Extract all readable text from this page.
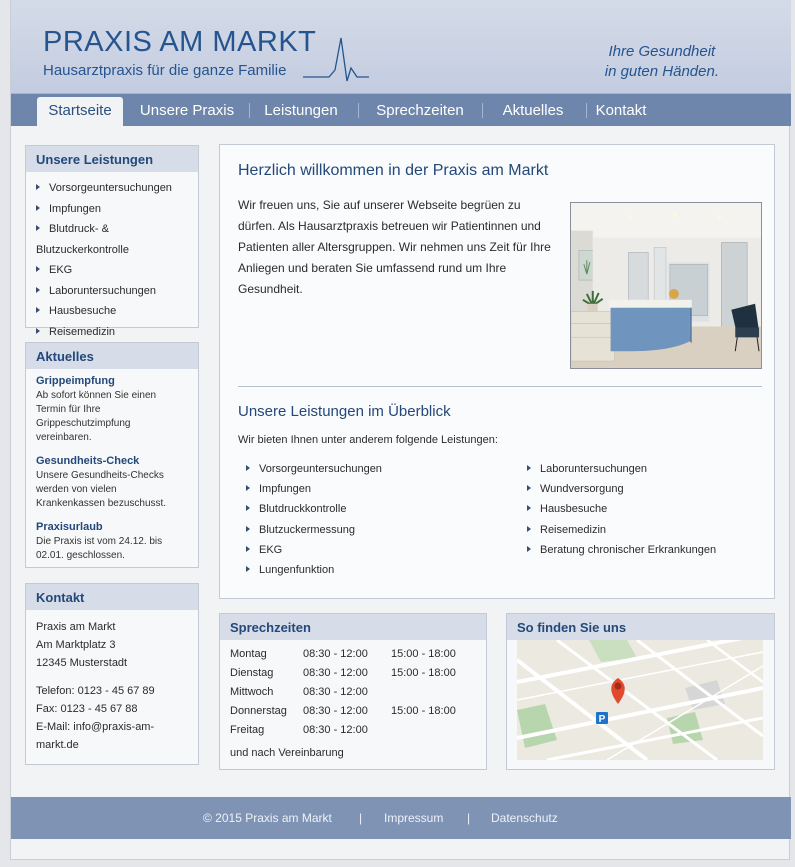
PRAXIS AM MARKT
Hausarztpraxis für die ganze Familie
Ihre Gesundheit
in guten Händen.
Startseite	Unsere Praxis	Leistungen	Sprechzeiten	Aktuelles	Kontakt
Unsere Leistungen
Vorsorgeuntersuchungen
Impfungen
Blutdruck- & Blutzuckerkontrolle
EKG
Laboruntersuchungen
Hausbesuche
Reisemedizin
Aktuelles
Grippeimpfung
Ab sofort können Sie einen Termin für Ihre Grippeschutzimpfung vereinbaren.
Gesundheits-Check
Unsere Gesundheits-Checks werden von vielen Krankenkassen bezuschusst.
Praxisurlaub
Die Praxis ist vom 24.12. bis 02.01. geschlossen.
Kontakt
Praxis am Markt
Am Marktplatz 3
12345 Musterstadt
Telefon: 0123 - 45 67 89
Fax: 0123 - 45 67 88
E-Mail: info@praxis-am-markt.de
Herzlich willkommen in der Praxis am Markt
Wir freuen uns, Sie auf unserer Webseite begrüen zu dürfen. Als Hausarztpraxis betreuen wir Patientinnen und Patienten aller Altersgruppen. Wir nehmen uns Zeit für Ihre Anliegen und beraten Sie umfassend rund um Ihre Gesundheit.
Unsere Leistungen im Überblick
Wir bieten Ihnen unter anderem folgende Leistungen:
Vorsorgeuntersuchungen
Impfungen
Blutdruckkontrolle
Blutzuckermessung
EKG
Lungenfunktion
Laboruntersuchungen
Wundversorgung
Hausbesuche
Reisemedizin
Beratung chronischer Erkrankungen
Sprechzeiten
Montag	08:30 - 12:00	15:00 - 18:00
Dienstag	08:30 - 12:00	15:00 - 18:00
Mittwoch	08:30 - 12:00	
Donnerstag	08:30 - 12:00	15:00 - 18:00
Freitag	08:30 - 12:00	
und nach Vereinbarung		
So finden Sie uns
P
© 2015 Praxis am Markt | Impressum | Datenschutz
